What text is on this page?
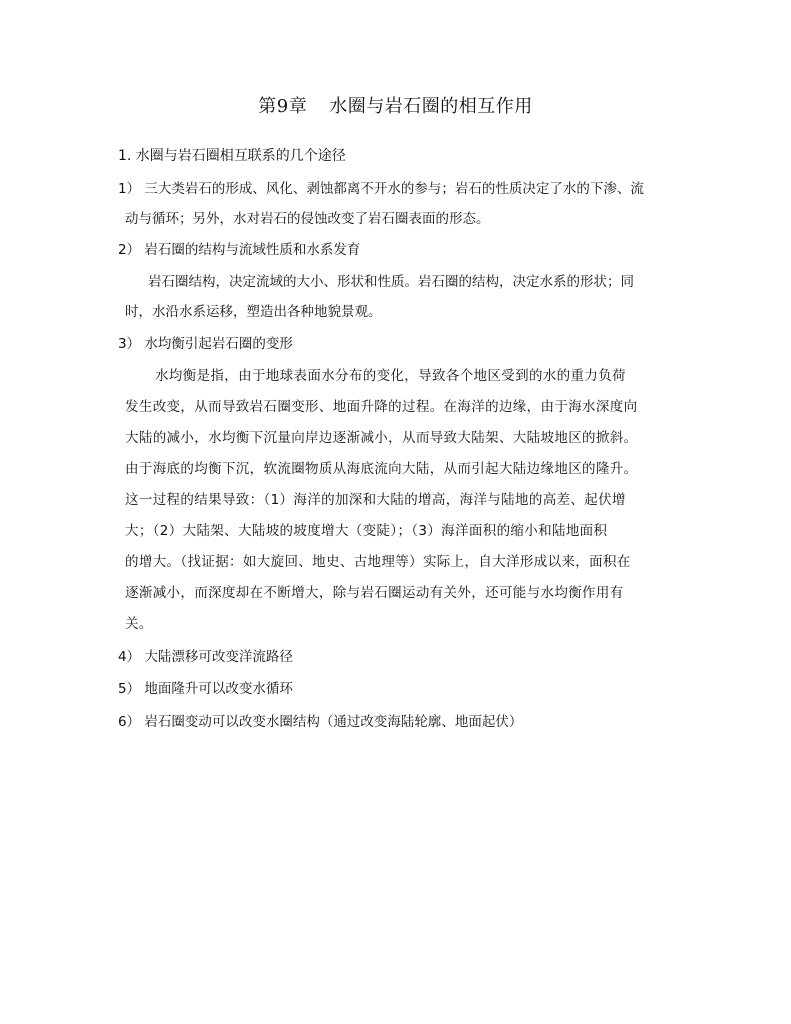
第9章 水圈与岩石圈的相互作用
1. 水圈与岩石圈相互联系的几个途径
1） 三大类岩石的形成、风化、剥蚀都离不开水的参与；岩石的性质决定了水的下渗、流
动与循环；另外，水对岩石的侵蚀改变了岩石圈表面的形态。
2） 岩石圈的结构与流域性质和水系发育
岩石圈结构，决定流域的大小、形状和性质。岩石圈的结构，决定水系的形状；同
时，水沿水系运移，塑造出各种地貌景观。
3） 水均衡引起岩石圈的变形
水均衡是指，由于地球表面水分布的变化，导致各个地区受到的水的重力负荷
发生改变，从而导致岩石圈变形、地面升降的过程。在海洋的边缘，由于海水深度向
大陆的减小，水均衡下沉量向岸边逐渐减小，从而导致大陆架、大陆坡地区的掀斜。
由于海底的均衡下沉，软流圈物质从海底流向大陆，从而引起大陆边缘地区的隆升。
这一过程的结果导致：（1）海洋的加深和大陆的增高，海洋与陆地的高差、起伏增
大；（2）大陆架、大陆坡的坡度增大（变陡）；（3）海洋面积的缩小和陆地面积
的增大。（找证据：如大旋回、地史、古地理等）实际上，自大洋形成以来，面积在
逐渐减小，而深度却在不断增大，除与岩石圈运动有关外，还可能与水均衡作用有
关。
4） 大陆漂移可改变洋流路径
5） 地面隆升可以改变水循环
6） 岩石圈变动可以改变水圈结构（通过改变海陆轮廓、地面起伏）
